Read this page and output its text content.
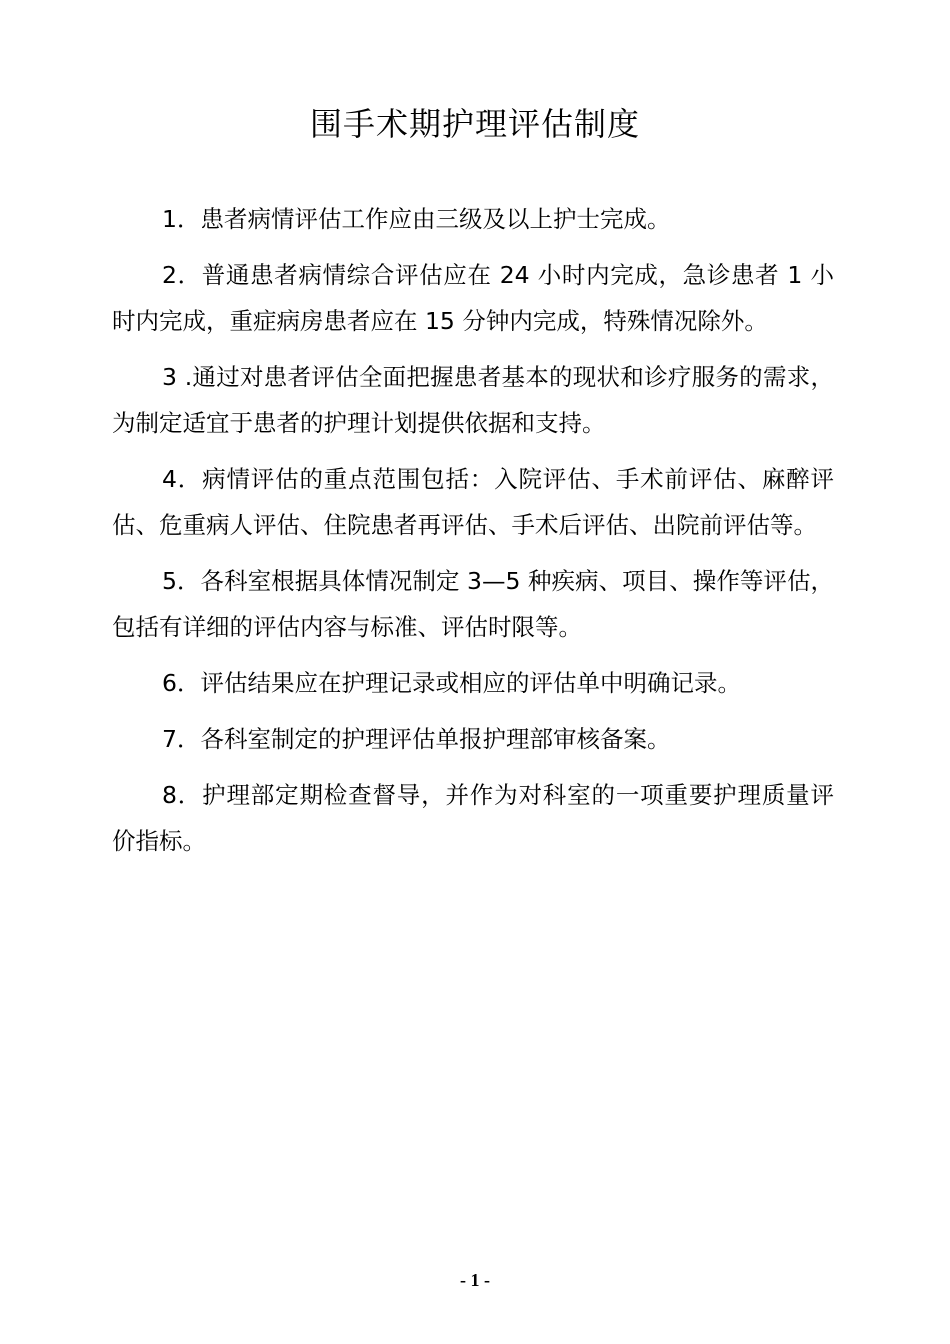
围手术期护理评估制度

1．患者病情评估工作应由三级及以上护士完成。

2．普通患者病情综合评估应在 24 小时内完成，急诊患者 1 小时内完成，重症病房患者应在 15 分钟内完成，特殊情况除外。

3 .通过对患者评估全面把握患者基本的现状和诊疗服务的需求，为制定适宜于患者的护理计划提供依据和支持。

4．病情评估的重点范围包括：入院评估、手术前评估、麻醉评估、危重病人评估、住院患者再评估、手术后评估、出院前评估等。

5．各科室根据具体情况制定 3—5 种疾病、项目、操作等评估，包括有详细的评估内容与标准、评估时限等。

6．评估结果应在护理记录或相应的评估单中明确记录。

7．各科室制定的护理评估单报护理部审核备案。

8．护理部定期检查督导，并作为对科室的一项重要护理质量评价指标。

- 1 -
